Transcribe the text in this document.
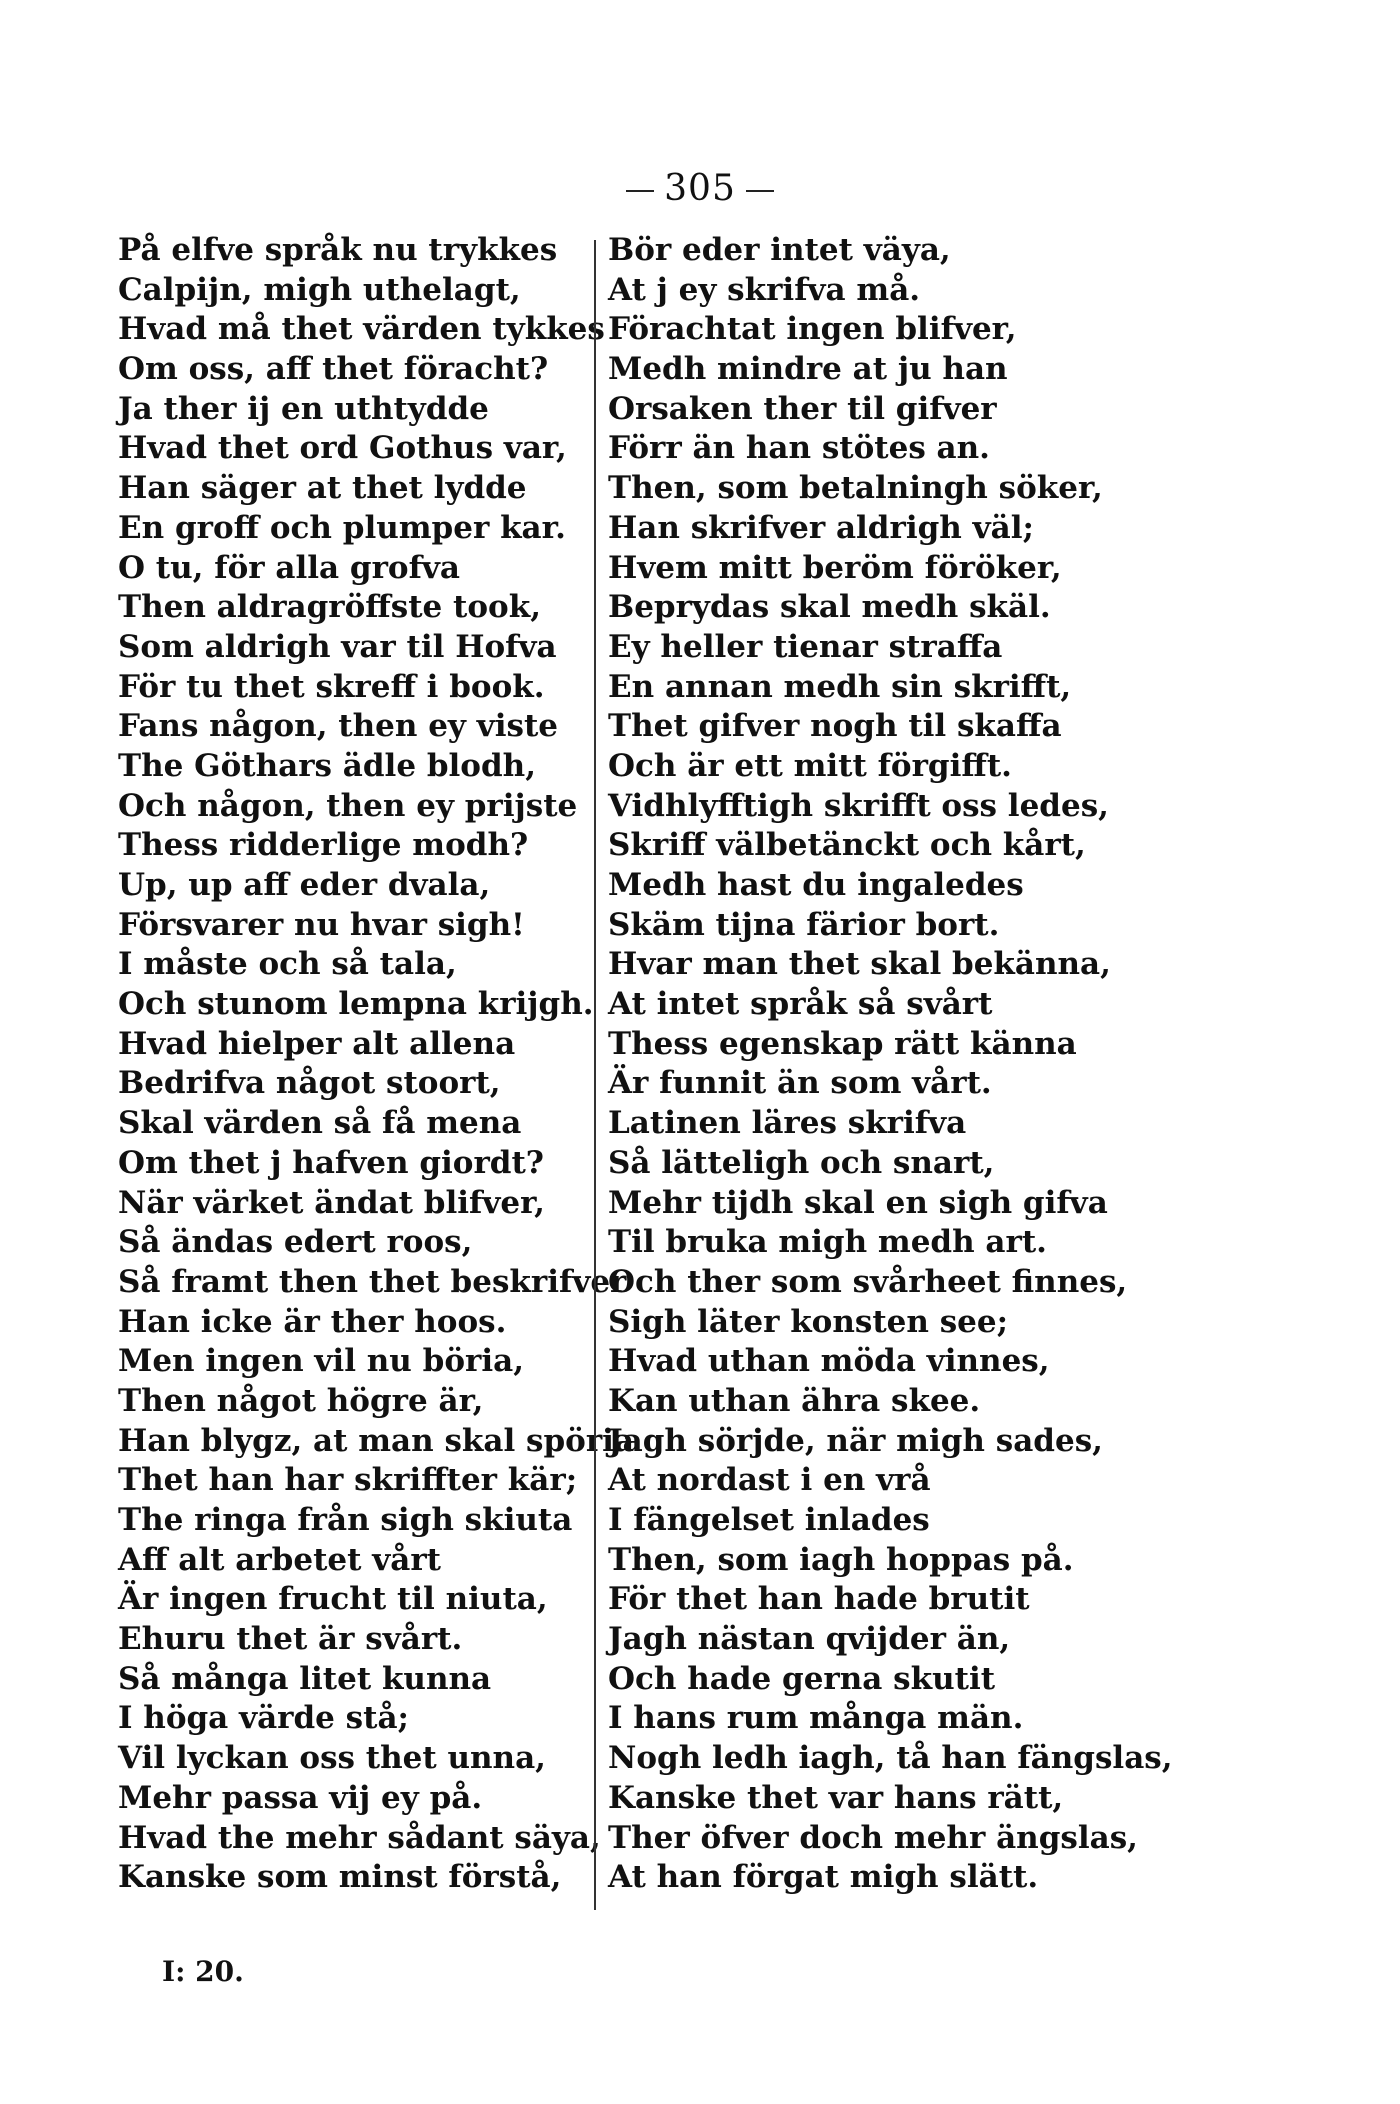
305
På elfve språk nu trykkes
Calpijn, migh uthelagt,
Hvad må thet värden tykkes
Om oss, aff thet föracht?
Ja ther ij en uthtydde
Hvad thet ord Gothus var,
Han säger at thet lydde
En groff och plumper kar.
O tu, för alla grofva
Then aldragröffste took,
Som aldrigh var til Hofva
För tu thet skreff i book.
Fans någon, then ey viste
The Göthars ädle blodh,
Och någon, then ey prijste
Thess ridderlige modh?
Up, up aff eder dvala,
Försvarer nu hvar sigh!
I måste och så tala,
Och stunom lempna krijgh.
Hvad hielper alt allena
Bedrifva något stoort,
Skal värden så få mena
Om thet j hafven giordt?
När värket ändat blifver,
Så ändas edert roos,
Så framt then thet beskrifver
Han icke är ther hoos.
Men ingen vil nu böria,
Then något högre är,
Han blygz, at man skal spöria
Thet han har skriffter kär;
The ringa från sigh skiuta
Aff alt arbetet vårt
Är ingen frucht til niuta,
Ehuru thet är svårt.
Så många litet kunna
I höga värde stå;
Vil lyckan oss thet unna,
Mehr passa vij ey på.
Hvad the mehr sådant säya,
Kanske som minst förstå,
Bör eder intet väya,
At j ey skrifva må.
Förachtat ingen blifver,
Medh mindre at ju han
Orsaken ther til gifver
Förr än han stötes an.
Then, som betalningh söker,
Han skrifver aldrigh väl;
Hvem mitt beröm föröker,
Beprydas skal medh skäl.
Ey heller tienar straffa
En annan medh sin skrifft,
Thet gifver nogh til skaffa
Och är ett mitt förgifft.
Vidhlyfftigh skrifft oss ledes,
Skriff välbetänckt och kårt,
Medh hast du ingaledes
Skäm tijna färior bort.
Hvar man thet skal bekänna,
At intet språk så svårt
Thess egenskap rätt känna
Är funnit än som vårt.
Latinen läres skrifva
Så lätteligh och snart,
Mehr tijdh skal en sigh gifva
Til bruka migh medh art.
Och ther som svårheet finnes,
Sigh läter konsten see;
Hvad uthan möda vinnes,
Kan uthan ähra skee.
Jagh sörjde, när migh sades,
At nordast i en vrå
I fängelset inlades
Then, som iagh hoppas på.
För thet han hade brutit
Jagh nästan qvijder än,
Och hade gerna skutit
I hans rum många män.
Nogh ledh iagh, tå han fängslas,
Kanske thet var hans rätt,
Ther öfver doch mehr ängslas,
At han förgat migh slätt.
I: 20.
